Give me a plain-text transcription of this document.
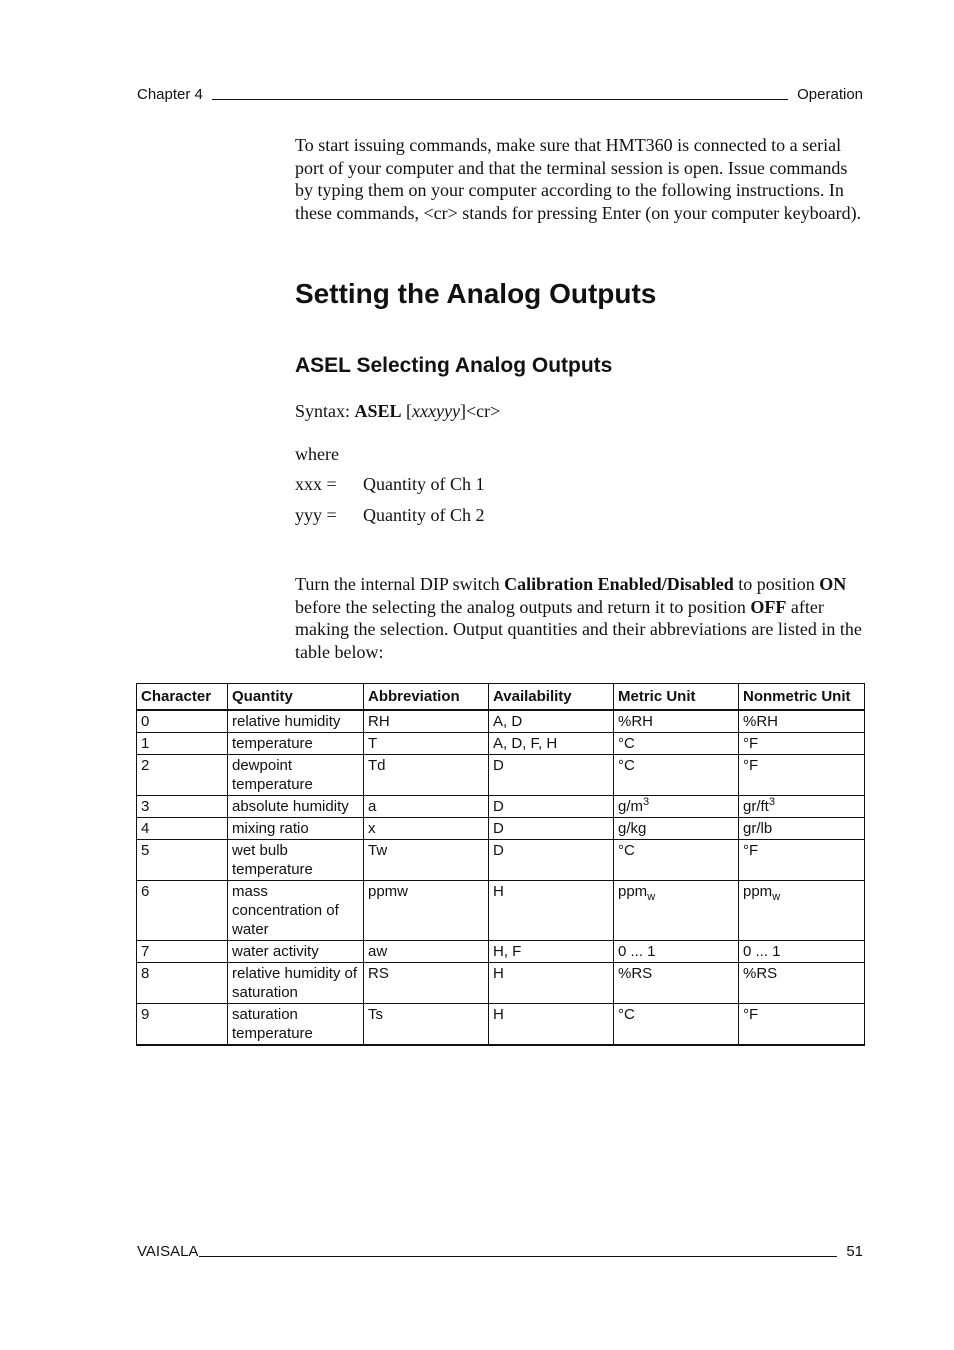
Chapter 4	Operation

To start issuing commands, make sure that HMT360 is connected to a serial port of your computer and that the terminal session is open. Issue commands by typing them on your computer according to the following instructions. In these commands, <cr> stands for pressing Enter (on your computer keyboard).

Setting the Analog Outputs
ASEL Selecting Analog Outputs

Syntax: ASEL [xxxyyy]<cr>

where

xxx =	Quantity of Ch 1
yyy =	Quantity of Ch 2

Turn the internal DIP switch Calibration Enabled/Disabled to position ON before the selecting the analog outputs and return it to position OFF after making the selection. Output quantities and their abbreviations are listed in the table below:

Character	Quantity	Abbreviation	Availability	Metric Unit	Nonmetric Unit
0	relative humidity	RH	A, D	%RH	%RH
1	temperature	T	A, D, F, H	°C	°F
2	dewpoint temperature	Td	D	°C	°F
3	absolute humidity	a	D	$g/m^3$	$gr/ft^3$
4	mixing ratio	x	D	g/kg	gr/lb
5	wet bulb temperature	Tw	D	°C	°F
6	mass concentration of water	ppmw	H	ppm$_w$	ppm$_w$
7	water activity	aw	H, F	0 ... 1	0 ... 1
8	relative humidity of saturation	RS	H	%RS	%RS
9	saturation temperature	Ts	H	°C	°F
VAISALA	51
